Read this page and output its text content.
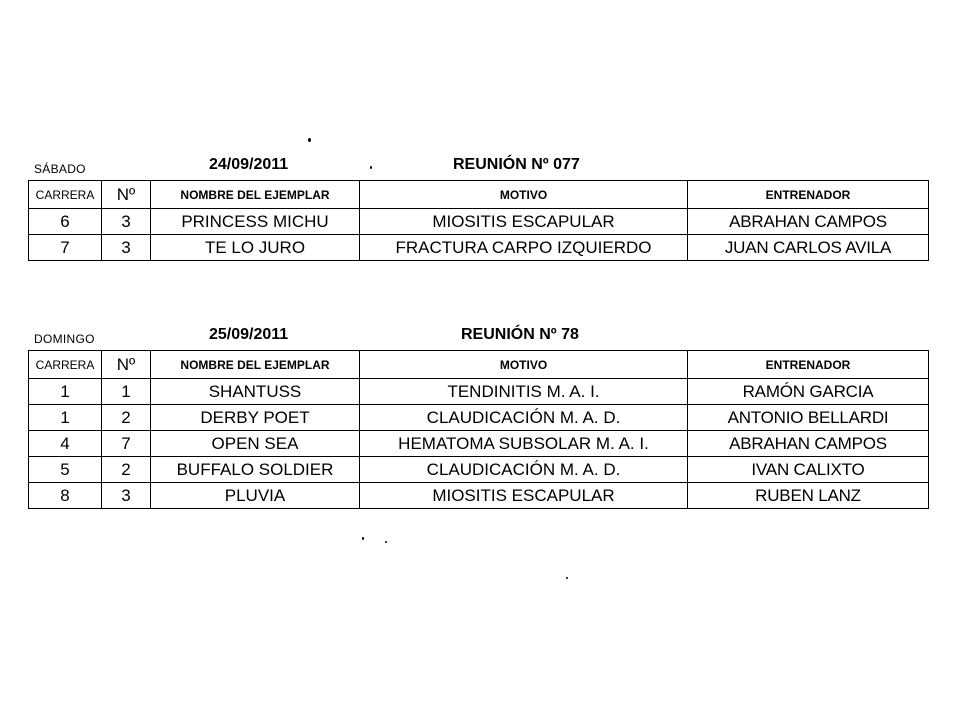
SÁBADO	24/09/2011	REUNIÓN Nº 077
CARRERA	Nº	NOMBRE DEL EJEMPLAR	MOTIVO	ENTRENADOR
6	3	PRINCESS MICHU	MIOSITIS ESCAPULAR	ABRAHAN CAMPOS
7	3	TE LO JURO	FRACTURA CARPO IZQUIERDO	JUAN CARLOS AVILA
DOMINGO	25/09/2011	REUNIÓN Nº 78
CARRERA	Nº	NOMBRE DEL EJEMPLAR	MOTIVO	ENTRENADOR
1	1	SHANTUSS	TENDINITIS M. A. I.	RAMÓN GARCIA
1	2	DERBY POET	CLAUDICACIÓN M. A. D.	ANTONIO BELLARDI
4	7	OPEN SEA	HEMATOMA SUBSOLAR M. A. I.	ABRAHAN CAMPOS
5	2	BUFFALO SOLDIER	CLAUDICACIÓN M. A. D.	IVAN CALIXTO
8	3	PLUVIA	MIOSITIS ESCAPULAR	RUBEN LANZ
